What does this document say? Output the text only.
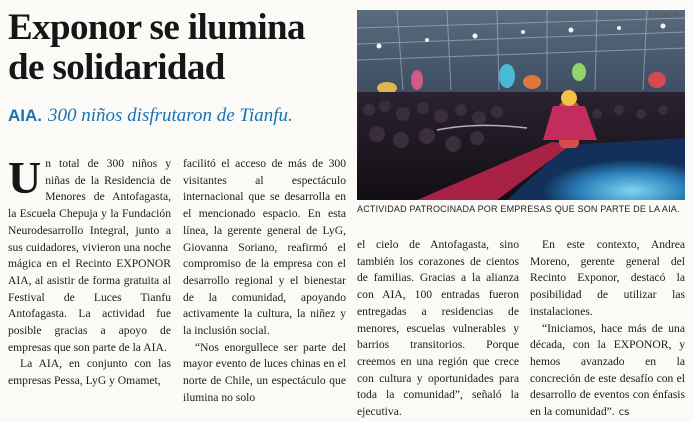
Exponor se ilumina de solidaridad
AIA. 300 niños disfrutaron de Tianfu.
CEDIDA
ACTIVIDAD PATROCINADA POR EMPRESAS QUE SON PARTE DE LA AIA.

Un total de 300 niños y niñas de la Residencia de Menores de Antofagasta, la Escuela Chepuja y la Fundación Neurodesarrollo Integral, junto a sus cuidadores, vivieron una noche mágica en el Recinto EXPONOR AIA, al asistir de forma gratuita al Festival de Luces Tianfu Antofagasta. La actividad fue posible gracias a apoyo de empresas que son parte de la AIA.

La AIA, en conjunto con las empresas Pessa, LyG y Omamet,

facilitó el acceso de más de 300 visitantes al espectáculo internacional que se desarrolla en el mencionado espacio. En esta línea, la gerente general de LyG, Giovanna Soriano, reafirmó el compromiso de la empresa con el desarrollo regional y el bienestar de la comunidad, apoyando activamente la cultura, la niñez y la inclusión social.

“Nos enorgullece ser parte del mayor evento de luces chinas en el norte de Chile, un espectáculo que ilumina no solo

el cielo de Antofagasta, sino también los corazones de cientos de familias. Gracias a la alianza con AIA, 100 entradas fueron entregadas a residencias de menores, escuelas vulnerables y barrios transitorios. Porque creemos en una región que crece con cultura y oportunidades para toda la comunidad”, señaló la ejecutiva.

En este contexto, Andrea Moreno, gerente general del Recinto Exponor, destacó la posibilidad de utilizar las instalaciones.

“Iniciamos, hace más de una década, con la EXPONOR, y hemos avanzado en la concreción de este desafío con el desarrollo de eventos con énfasis en la comunidad”. cs
